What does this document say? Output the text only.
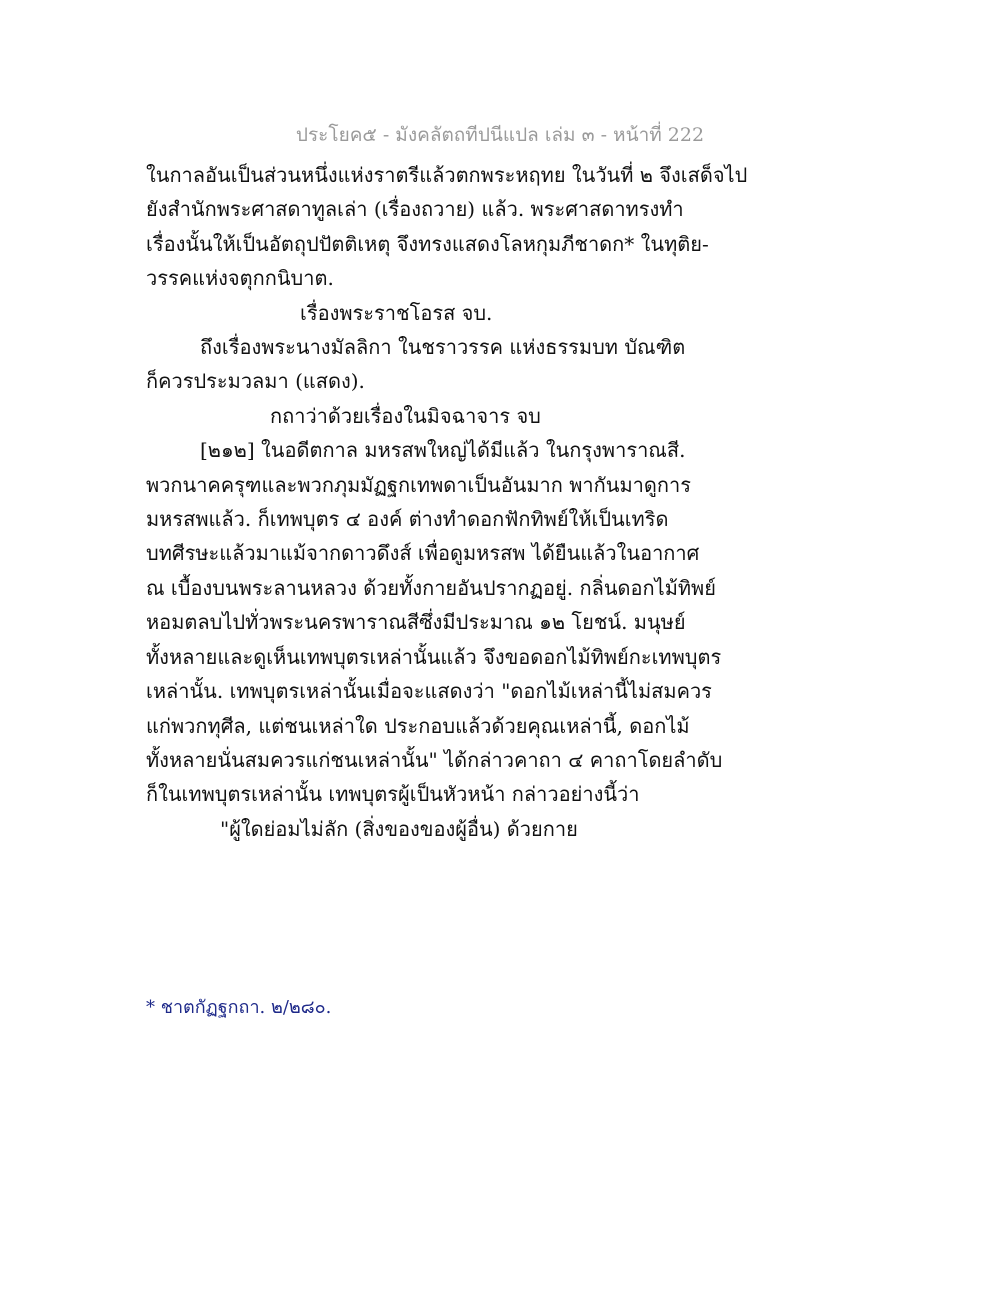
ประโยค๕ - มังคลัตถทีปนีแปล เล่ม ๓ - หน้าที่ 222
ในกาลอันเป็นส่วนหนึ่งแห่งราตรีแล้วตกพระหฤทย ในวันที่ ๒ จึงเสด็จไป
ยังสำนักพระศาสดาทูลเล่า (เรื่องถวาย) แล้ว. พระศาสดาทรงทำ
เรื่องนั้นให้เป็นอัตถุปปัตติเหตุ จึงทรงแสดงโลหกุมภีชาดก* ในทุติย-
วรรคแห่งจตุกกนิบาต.
เรื่องพระราชโอรส จบ.
ถึงเรื่องพระนางมัลลิกา ในชราวรรค แห่งธรรมบท บัณฑิต
ก็ควรประมวลมา (แสดง).
กถาว่าด้วยเรื่องในมิจฉาจาร จบ
[๒๑๒] ในอดีตกาล มหรสพใหญ่ได้มีแล้ว ในกรุงพาราณสี.
พวกนาคครุฑและพวกภุมมัฏฐกเทพดาเป็นอันมาก พากันมาดูการ
มหรสพแล้ว. ก็เทพบุตร ๔ องค์ ต่างทำดอกฟักทิพย์ให้เป็นเทริด
บทศีรษะแล้วมาแม้จากดาวดึงส์ เพื่อดูมหรสพ ได้ยืนแล้วในอากาศ
ณ เบื้องบนพระลานหลวง ด้วยทั้งกายอันปรากฏอยู่. กลิ่นดอกไม้ทิพย์
หอมตลบไปทั่วพระนครพาราณสีซึ่งมีประมาณ ๑๒ โยชน์. มนุษย์
ทั้งหลายและดูเห็นเทพบุตรเหล่านั้นแล้ว จึงขอดอกไม้ทิพย์กะเทพบุตร
เหล่านั้น. เทพบุตรเหล่านั้นเมื่อจะแสดงว่า "ดอกไม้เหล่านี้ไม่สมควร
แก่พวกทุศีล, แต่ชนเหล่าใด ประกอบแล้วด้วยคุณเหล่านี้, ดอกไม้
ทั้งหลายนั่นสมควรแก่ชนเหล่านั้น" ได้กล่าวคาถา ๔ คาถาโดยลำดับ
ก็ในเทพบุตรเหล่านั้น เทพบุตรผู้เป็นหัวหน้า กล่าวอย่างนี้ว่า
"ผู้ใดย่อมไม่ลัก (สิ่งของของผู้อื่น) ด้วยกาย
* ชาตกัฏฐกถา. ๒/๒๘๐.
